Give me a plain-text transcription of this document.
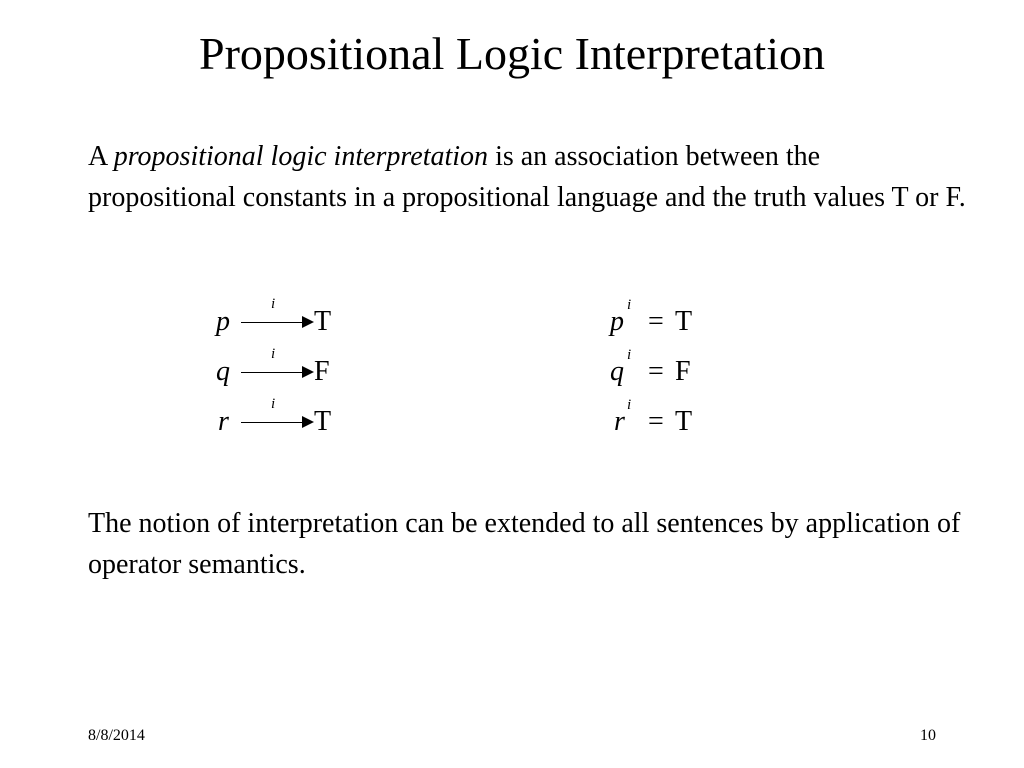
Propositional Logic Interpretation
A propositional logic interpretation is an association between the propositional constants in a propositional language and the truth values T or F.
p
i
T
q
i
F
r
i
T
p
i
= T
q
i
= F
r
i
= T
The notion of interpretation can be extended to all sentences by application of operator semantics.
8/8/2014	10
